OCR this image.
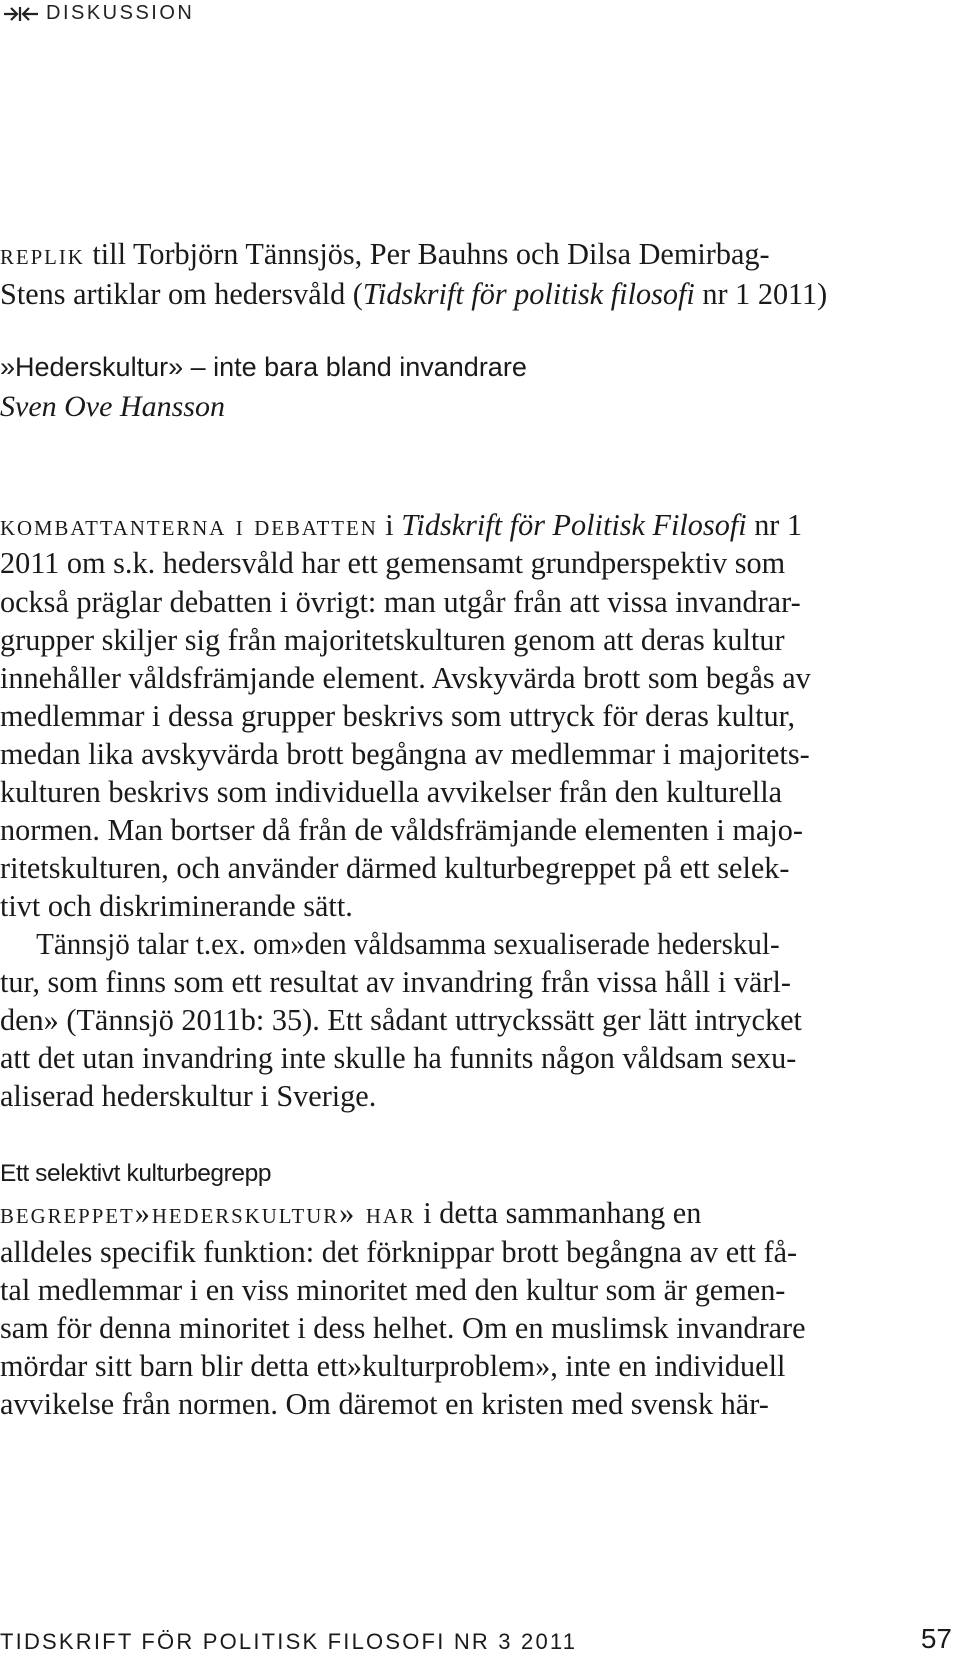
DISKUSSION
replik till Torbjörn Tännsjös, Per Bauhns och Dilsa Demirbag-
Stens artiklar om hedersvåld (Tidskrift för politisk filosofi nr 1 2011)
»Hederskultur» – inte bara bland invandrare
Sven Ove Hansson
kombattanterna i debatten i Tidskrift för Politisk Filosofi nr 1
2011 om s.k. hedersvåld har ett gemensamt grundperspektiv som
också präglar debatten i övrigt: man utgår från att vissa invandrar-
grupper skiljer sig från majoritetskulturen genom att deras kultur
innehåller våldsfrämjande element. Avskyvärda brott som begås av
medlemmar i dessa grupper beskrivs som uttryck för deras kultur,
medan lika avskyvärda brott begångna av medlemmar i majoritets-
kulturen beskrivs som individuella avvikelser från den kulturella
normen. Man bortser då från de våldsfrämjande elementen i majo-
ritetskulturen, och använder därmed kulturbegreppet på ett selek-
tivt och diskriminerande sätt.
Tännsjö talar t.ex. om»den våldsamma sexualiserade hederskul-
tur, som finns som ett resultat av invandring från vissa håll i värl-
den» (Tännsjö 2011b: 35). Ett sådant uttryckssätt ger lätt intrycket
att det utan invandring inte skulle ha funnits någon våldsam sexu-
aliserad hederskultur i Sverige.
Ett selektivt kulturbegrepp
begreppet»hederskultur» har i detta sammanhang en
alldeles specifik funktion: det förknippar brott begångna av ett få-
tal medlemmar i en viss minoritet med den kultur som är gemen-
sam för denna minoritet i dess helhet. Om en muslimsk invandrare
mördar sitt barn blir detta ett»kulturproblem», inte en individuell
avvikelse från normen. Om däremot en kristen med svensk här-
TIDSKRIFT FÖR POLITISK FILOSOFI NR 3 2011	57
